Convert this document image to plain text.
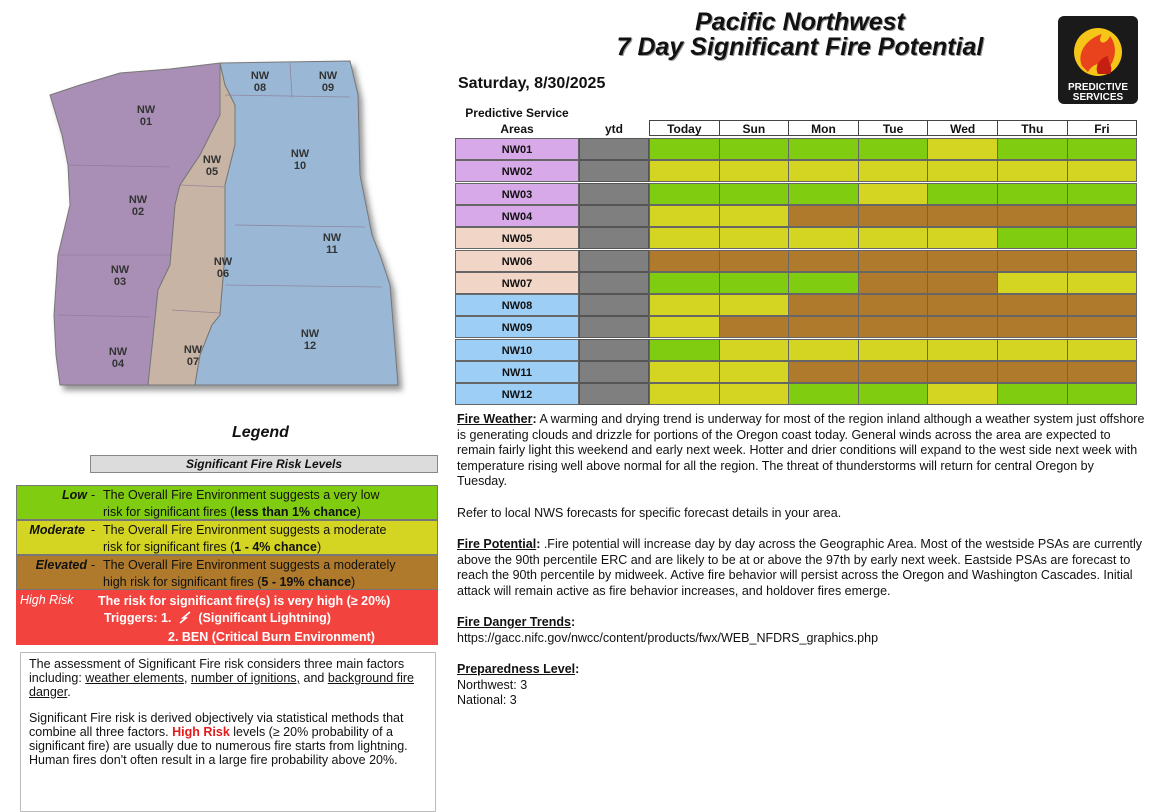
Pacific Northwest
7 Day Significant Fire Potential
PREDICTIVE
SERVICES
Saturday, 8/30/2025
NW
01
NW
02
NW
03
NW
04
NW
05
NW
06
NW
07
NW
08
NW
09
NW
10
NW
11
NW
12
Predictive Service
Areas	ytd	Today	Sun	Mon	Tue	Wed	Thu	Fri
NW01
NW02
NW03
NW04
NW05
NW06
NW07
NW08
NW09
NW10
NW11
NW12
Legend
Significant Fire Risk Levels
Low - The Overall Fire Environment suggests a very low
risk for significant fires (less than 1% chance)
Moderate - The Overall Fire Environment suggests a moderate
risk for significant fires (1 - 4% chance)
Elevated - The Overall Fire Environment suggests a moderately
high risk for significant fires (5 - 19% chance)
High Risk	The risk for significant fire(s) is very high (≥ 20%)
Triggers: 1. (Significant Lightning)
2. BEN (Critical Burn Environment)

The assessment of Significant Fire risk considers three main factors including: weather elements, number of ignitions, and background fire danger.

Significant Fire risk is derived objectively via statistical methods that combine all three factors. High Risk levels (≥ 20% probability of a significant fire) are usually due to numerous fire starts from lightning. Human fires don't often result in a large fire probability above 20%.

Fire Weather: A warming and drying trend is underway for most of the region inland although a weather system just offshore is generating clouds and drizzle for portions of the Oregon coast today. General winds across the area are expected to remain fairly light this weekend and early next week. Hotter and drier conditions will expand to the west side next week with temperature rising well above normal for all the region. The threat of thunderstorms will return for central Oregon by Tuesday.
Refer to local NWS forecasts for specific forecast details in your area.
Fire Potential: .Fire potential will increase day by day across the Geographic Area. Most of the westside PSAs are currently above the 90th percentile ERC and are likely to be at or above the 97th by early next week. Eastside PSAs are forecast to reach the 90th percentile by midweek. Active fire behavior will persist across the Oregon and Washington Cascades. Initial attack will remain active as fire behavior increases, and holdover fires emerge.
Fire Danger Trends:
https://gacc.nifc.gov/nwcc/content/products/fwx/WEB_NFDRS_graphics.php
Preparedness Level:
Northwest: 3
National: 3
